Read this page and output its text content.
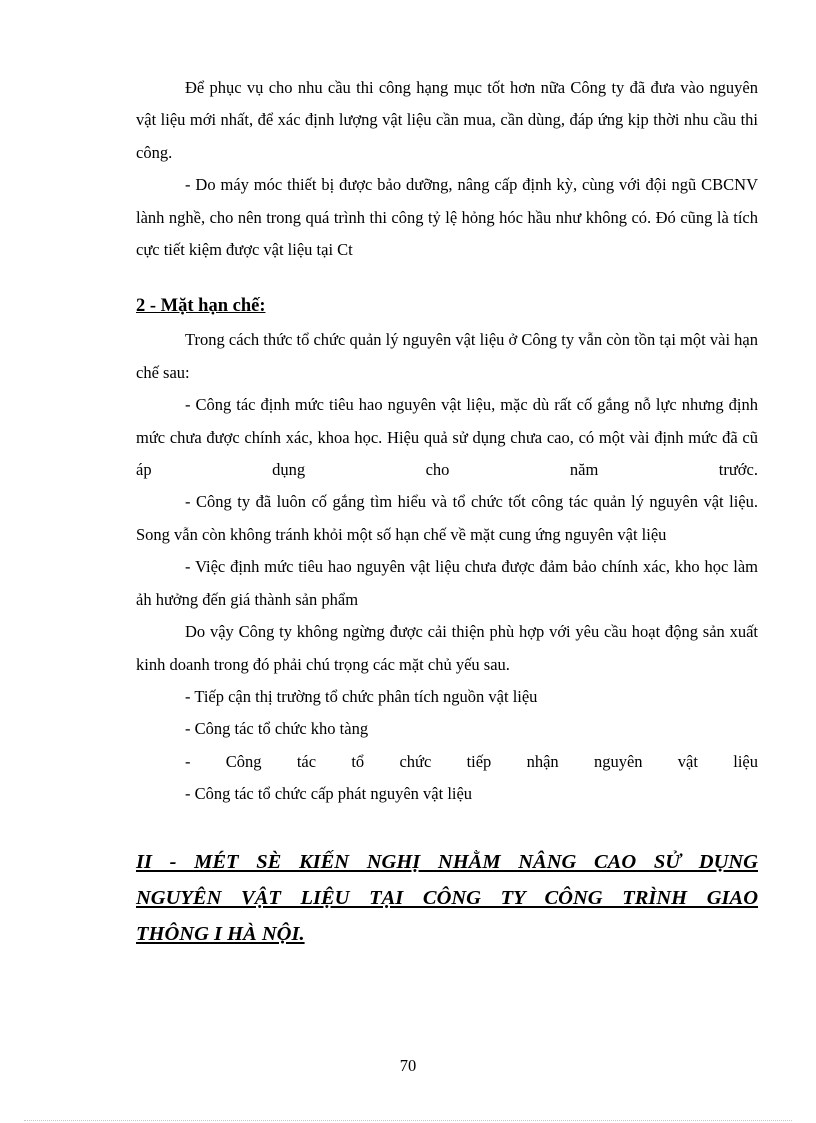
Để phục vụ cho nhu cầu thi công hạng mục tốt hơn nữa Công ty đã đưa vào nguyên vật liệu mới nhất, để xác định lượng vật liệu cần mua, cần dùng, đáp ứng kịp thời nhu cầu thi công.

- Do máy móc thiết bị được bảo dưỡng, nâng cấp định kỳ, cùng với đội ngũ CBCNV lành nghề, cho nên trong quá trình thi công tỷ lệ hỏng hóc hầu như không có. Đó cũng là tích cực tiết kiệm được vật liệu tại Ct

2 - Mặt hạn chế:

Trong cách thức tổ chức quản lý nguyên vật liệu ở Công ty vẫn còn tồn tại một vài hạn chế sau:

- Công tác định mức tiêu hao nguyên vật liệu, mặc dù rất cố gắng nỗ lực nhưng định mức chưa được chính xác, khoa học. Hiệu quả sử dụng chưa cao, có một vài định mức đã cũ áp dụng cho năm trước.

- Công ty đã luôn cố gắng tìm hiểu và tổ chức tốt công tác quản lý nguyên vật liệu. Song vẫn còn không tránh khỏi một số hạn chế về mặt cung ứng nguyên vật liệu

- Việc định mức tiêu hao nguyên vật liệu chưa được đảm bảo chính xác, kho học làm ảh hưởng đến giá thành sản phẩm

Do vậy Công ty không ngừng được cải thiện phù hợp với yêu cầu hoạt động sản xuất kinh doanh trong đó phải chú trọng các mặt chủ yếu sau.

- Tiếp cận thị trường tổ chức phân tích nguồn vật liệu

- Công tác tổ chức kho tàng

- Công tác tổ chức tiếp nhận nguyên vật liệu

- Công tác tổ chức cấp phát nguyên vật liệu

II - MÉT SÈ KIẾN NGHỊ NHẰM NÂNG CAO SỬ DỤNG
NGUYÊN VẬT LIỆU TẠI CÔNG TY CÔNG TRÌNH GIAO
THÔNG I HÀ NỘI.
70
